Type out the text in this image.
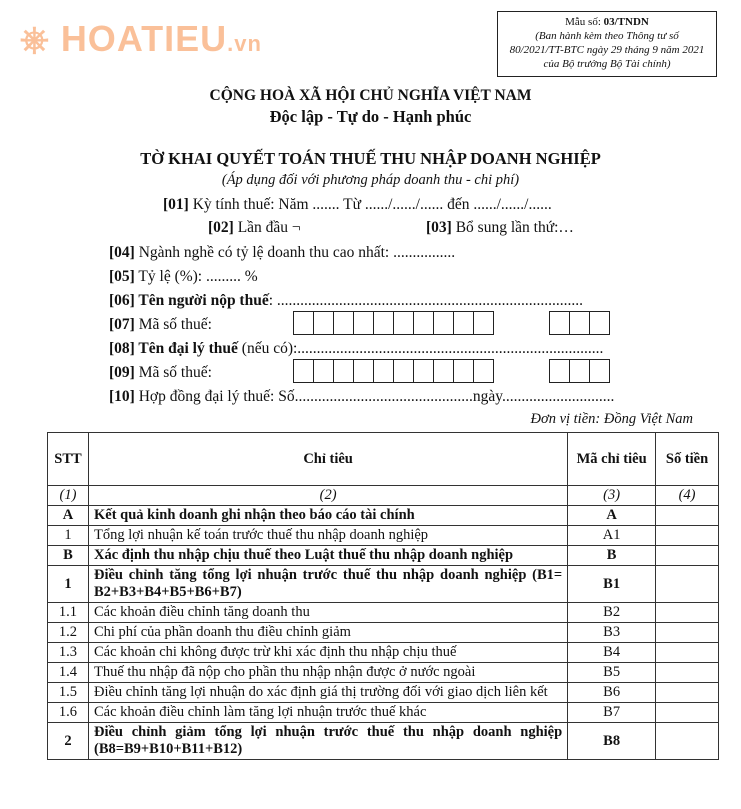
Mẫu số: 03/TNDN
(Ban hành kèm theo Thông tư số
80/2021/TT-BTC ngày 29 tháng 9 năm 2021
của Bộ trưởng Bộ Tài chính)
CỘNG HOÀ XÃ HỘI CHỦ NGHĨA VIỆT NAM
Độc lập - Tự do - Hạnh phúc
TỜ KHAI QUYẾT TOÁN THUẾ THU NHẬP DOANH NGHIỆP
(Áp dụng đối với phương pháp doanh thu - chi phí)
[01] Kỳ tính thuế: Năm ....... Từ ....../....../...... đến ....../....../......
[02] Lần đầu ¬	[03] Bổ sung lần thứ:…
[04] Ngành nghề có tỷ lệ doanh thu cao nhất: ................
[05] Tỷ lệ (%): ......... %
[06] Tên người nộp thuế: ...............................................................................
[07] Mã số thuế:
[08] Tên đại lý thuế (nếu có):...............................................................................
[09] Mã số thuế:
[10] Hợp đồng đại lý thuế: Số..............................................ngày.............................
Đơn vị tiền: Đồng Việt Nam
STT	Chỉ tiêu	Mã chỉ tiêu	Số tiền
(1)	(2)	(3)	(4)
A	Kết quả kinh doanh ghi nhận theo báo cáo tài chính	A	
1	Tổng lợi nhuận kế toán trước thuế thu nhập doanh nghiệp	A1	
B	Xác định thu nhập chịu thuế theo Luật thuế thu nhập doanh nghiệp	B	
1	Điều chỉnh tăng tổng lợi nhuận trước thuế thu nhập doanh nghiệp (B1= B2+B3+B4+B5+B6+B7)	B1	
1.1	Các khoản điều chỉnh tăng doanh thu	B2	
1.2	Chi phí của phần doanh thu điều chỉnh giảm	B3	
1.3	Các khoản chi không được trừ khi xác định thu nhập chịu thuế	B4	
1.4	Thuế thu nhập đã nộp cho phần thu nhập nhận được ở nước ngoài	B5	
1.5	Điều chỉnh tăng lợi nhuận do xác định giá thị trường đối với giao dịch liên kết	B6	
1.6	Các khoản điều chỉnh làm tăng lợi nhuận trước thuế khác	B7	
2	Điều chỉnh giảm tổng lợi nhuận trước thuế thu nhập doanh nghiệp (B8=B9+B10+B11+B12)	B8	
⎈ HOATIEU.vn
